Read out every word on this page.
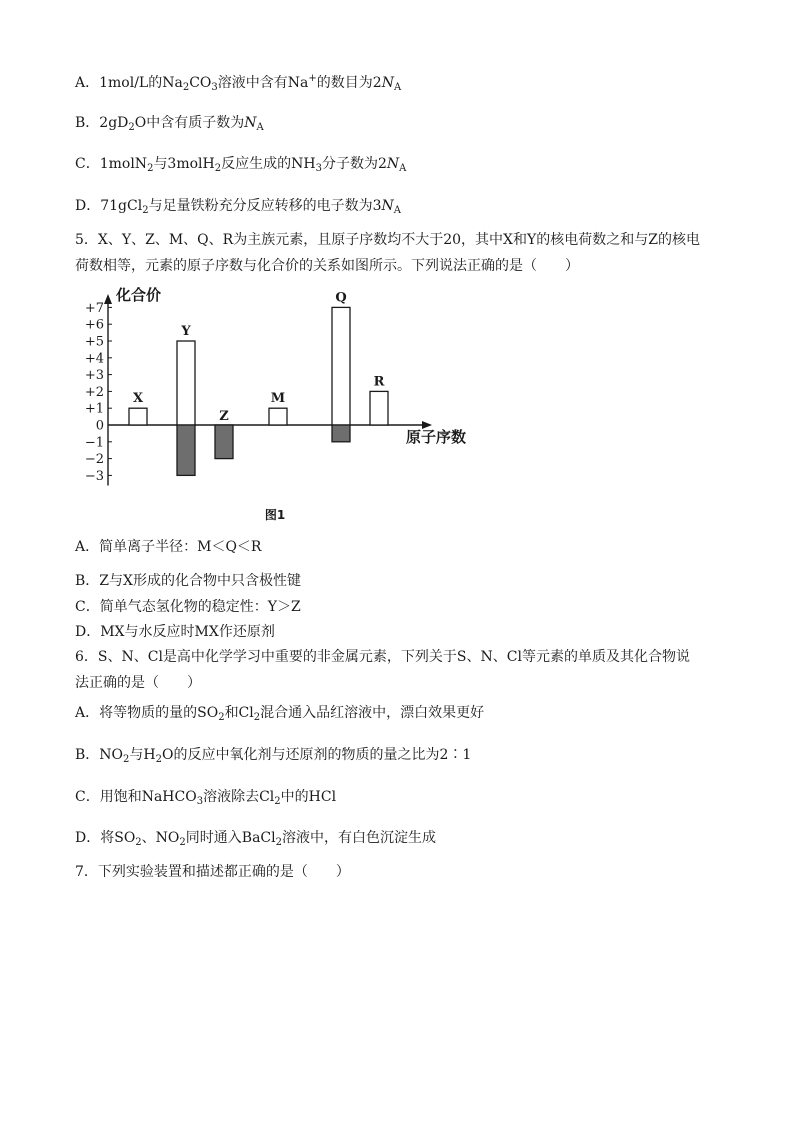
A．1mol/L的$Na_2CO_3$溶液中含有Na+的数目为$2N_A$
B．$2gD_2O$中含有质子数为$N_A$
C．1molN$_2$与3molH$_2$反应生成的$NH_3$分子数为$2N_A$
D．71gCl$_2$与足量铁粉充分反应转移的电子数为$3N_A$
5．X、Y、Z、M、Q、R为主族元素，且原子序数均不大于20，其中X和Y的核电荷数之和与Z的核电
荷数相等，元素的原子序数与化合价的关系如图所示。下列说法正确的是（　　）
化合价
原子序数
+7
+6
+5
+4
+3
+2
+1
0
−1
−2
−3
图1
X
Y
Z
M
Q
R
A．简单离子半径：M＜Q＜R
B．Z与X形成的化合物中只含极性键
C．简单气态氢化物的稳定性：Y＞Z
D．MX与水反应时MX作还原剂
6．S、N、Cl是高中化学学习中重要的非金属元素，下列关于S、N、Cl等元素的单质及其化合物说
法正确的是（　　）
A．将等物质的量的$SO_2$和$Cl_2$混合通入品红溶液中，漂白效果更好
B．$NO_2$与$H_2O$的反应中氧化剂与还原剂的物质的量之比为2∶1
C．用饱和NaHCO$_3$溶液除去$Cl_2$中的HCl
D．将$SO_2$、$NO_2$同时通入BaCl$_2$溶液中，有白色沉淀生成
7．下列实验装置和描述都正确的是（　　）
